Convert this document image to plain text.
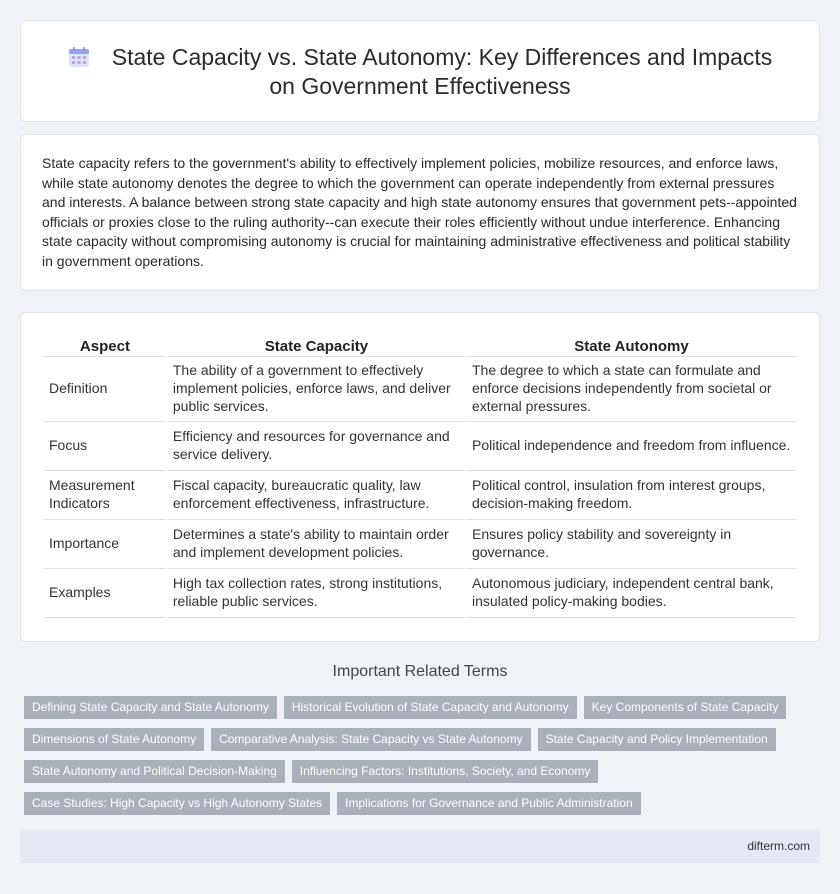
State Capacity vs. State Autonomy: Key Differences and Impacts on Government Effectiveness

State capacity refers to the government's ability to effectively implement policies, mobilize resources, and enforce laws, while state autonomy denotes the degree to which the government can operate independently from external pressures and interests. A balance between strong state capacity and high state autonomy ensures that government pets--appointed officials or proxies close to the ruling authority--can execute their roles efficiently without undue interference. Enhancing state capacity without compromising autonomy is crucial for maintaining administrative effectiveness and political stability in government operations.

Aspect	State Capacity	State Autonomy
Definition	The ability of a government to effectively implement policies, enforce laws, and deliver public services.	The degree to which a state can formulate and enforce decisions independently from societal or external pressures.
Focus	Efficiency and resources for governance and service delivery.	Political independence and freedom from influence.
Measurement Indicators	Fiscal capacity, bureaucratic quality, law enforcement effectiveness, infrastructure.	Political control, insulation from interest groups, decision-making freedom.
Importance	Determines a state's ability to maintain order and implement development policies.	Ensures policy stability and sovereignty in governance.
Examples	High tax collection rates, strong institutions, reliable public services.	Autonomous judiciary, independent central bank, insulated policy-making bodies.
Important Related Terms
Defining State Capacity and State Autonomy	Historical Evolution of State Capacity and Autonomy	Key Components of State Capacity
Dimensions of State Autonomy	Comparative Analysis: State Capacity vs State Autonomy	State Capacity and Policy Implementation
State Autonomy and Political Decision-Making	Influencing Factors: Institutions, Society, and Economy
Case Studies: High Capacity vs High Autonomy States	Implications for Governance and Public Administration
difterm.com
